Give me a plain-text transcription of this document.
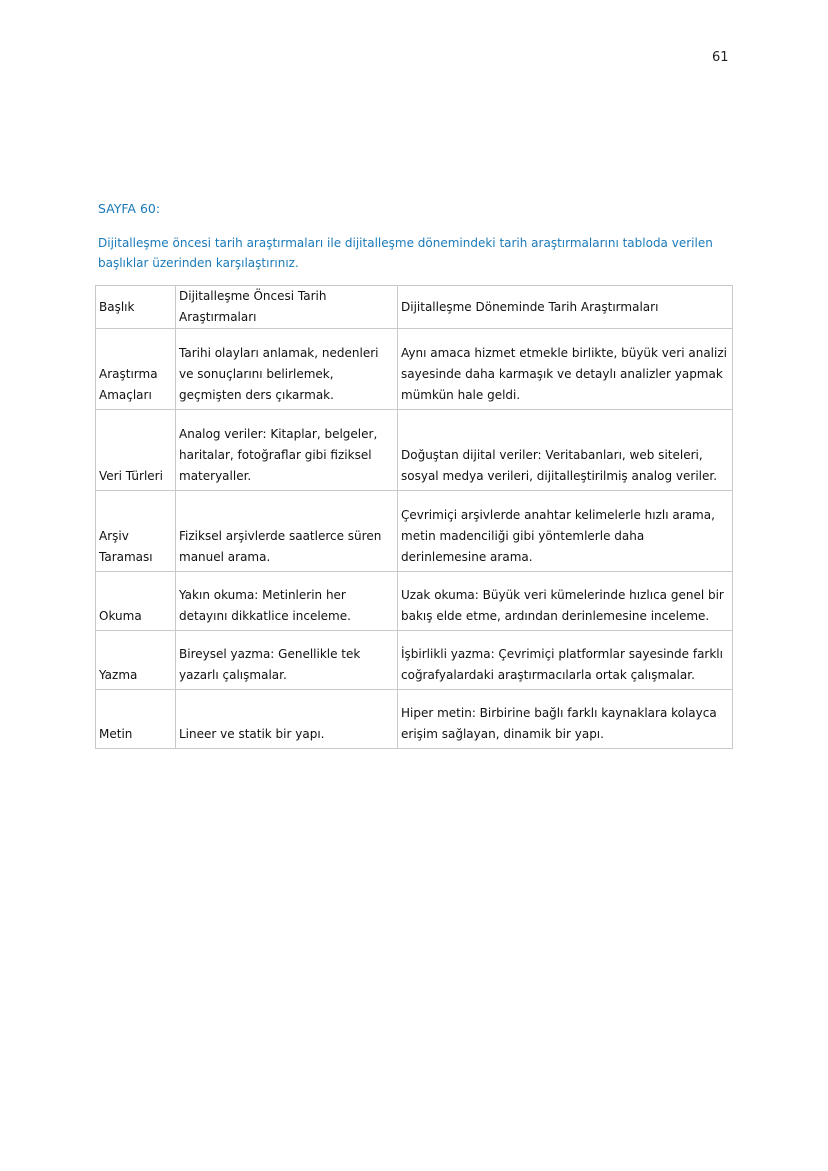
61
SAYFA 60:
Dijitalleşme öncesi tarih araştırmaları ile dijitalleşme dönemindeki tarih araştırmalarını tabloda verilen başlıklar üzerinden karşılaştırınız.
Başlık	Dijitalleşme Öncesi Tarih Araştırmaları	Dijitalleşme Döneminde Tarih Araştırmaları
Araştırma Amaçları	Tarihi olayları anlamak, nedenleri ve sonuçlarını belirlemek, geçmişten ders çıkarmak.	Aynı amaca hizmet etmekle birlikte, büyük veri analizi sayesinde daha karmaşık ve detaylı analizler yapmak mümkün hale geldi.
Veri Türleri	Analog veriler: Kitaplar, belgeler, haritalar, fotoğraflar gibi fiziksel materyaller.	Doğuştan dijital veriler: Veritabanları, web siteleri, sosyal medya verileri, dijitalleştirilmiş analog veriler.
Arşiv Taraması	Fiziksel arşivlerde saatlerce süren manuel arama.	Çevrimiçi arşivlerde anahtar kelimelerle hızlı arama, metin madenciliği gibi yöntemlerle daha derinlemesine arama.
Okuma	Yakın okuma: Metinlerin her detayını dikkatlice inceleme.	Uzak okuma: Büyük veri kümelerinde hızlıca genel bir bakış elde etme, ardından derinlemesine inceleme.
Yazma	Bireysel yazma: Genellikle tek yazarlı çalışmalar.	İşbirlikli yazma: Çevrimiçi platformlar sayesinde farklı coğrafyalardaki araştırmacılarla ortak çalışmalar.
Metin	Lineer ve statik bir yapı.	Hiper metin: Birbirine bağlı farklı kaynaklara kolayca erişim sağlayan, dinamik bir yapı.
